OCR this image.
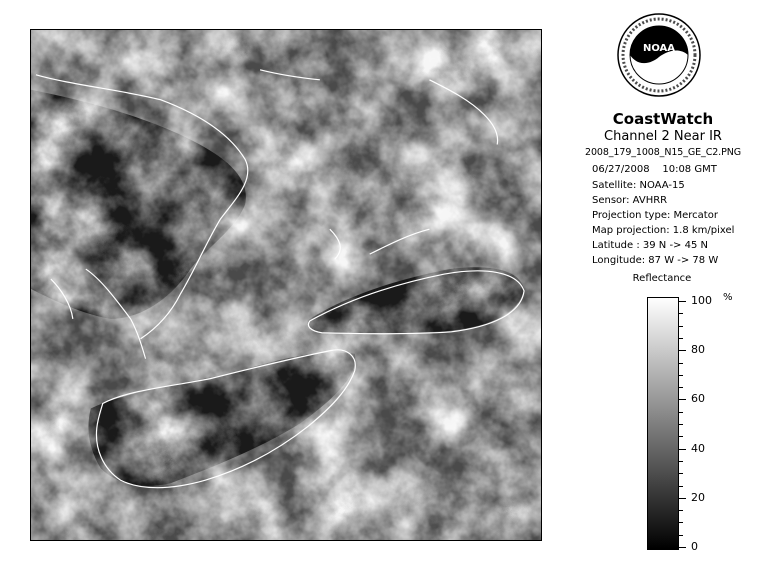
NOAA
CoastWatch
Channel 2 Near IR
2008_179_1008_N15_GE_C2.PNG
06/27/2008    10:08 GMT
Satellite: NOAA-15
Sensor: AVHRR
Projection type: Mercator
Map projection: 1.8 km/pixel
Latitude : 39 N -> 45 N
Longitude: 87 W -> 78 W
Reflectance
100
80
60
40
20
0
%
